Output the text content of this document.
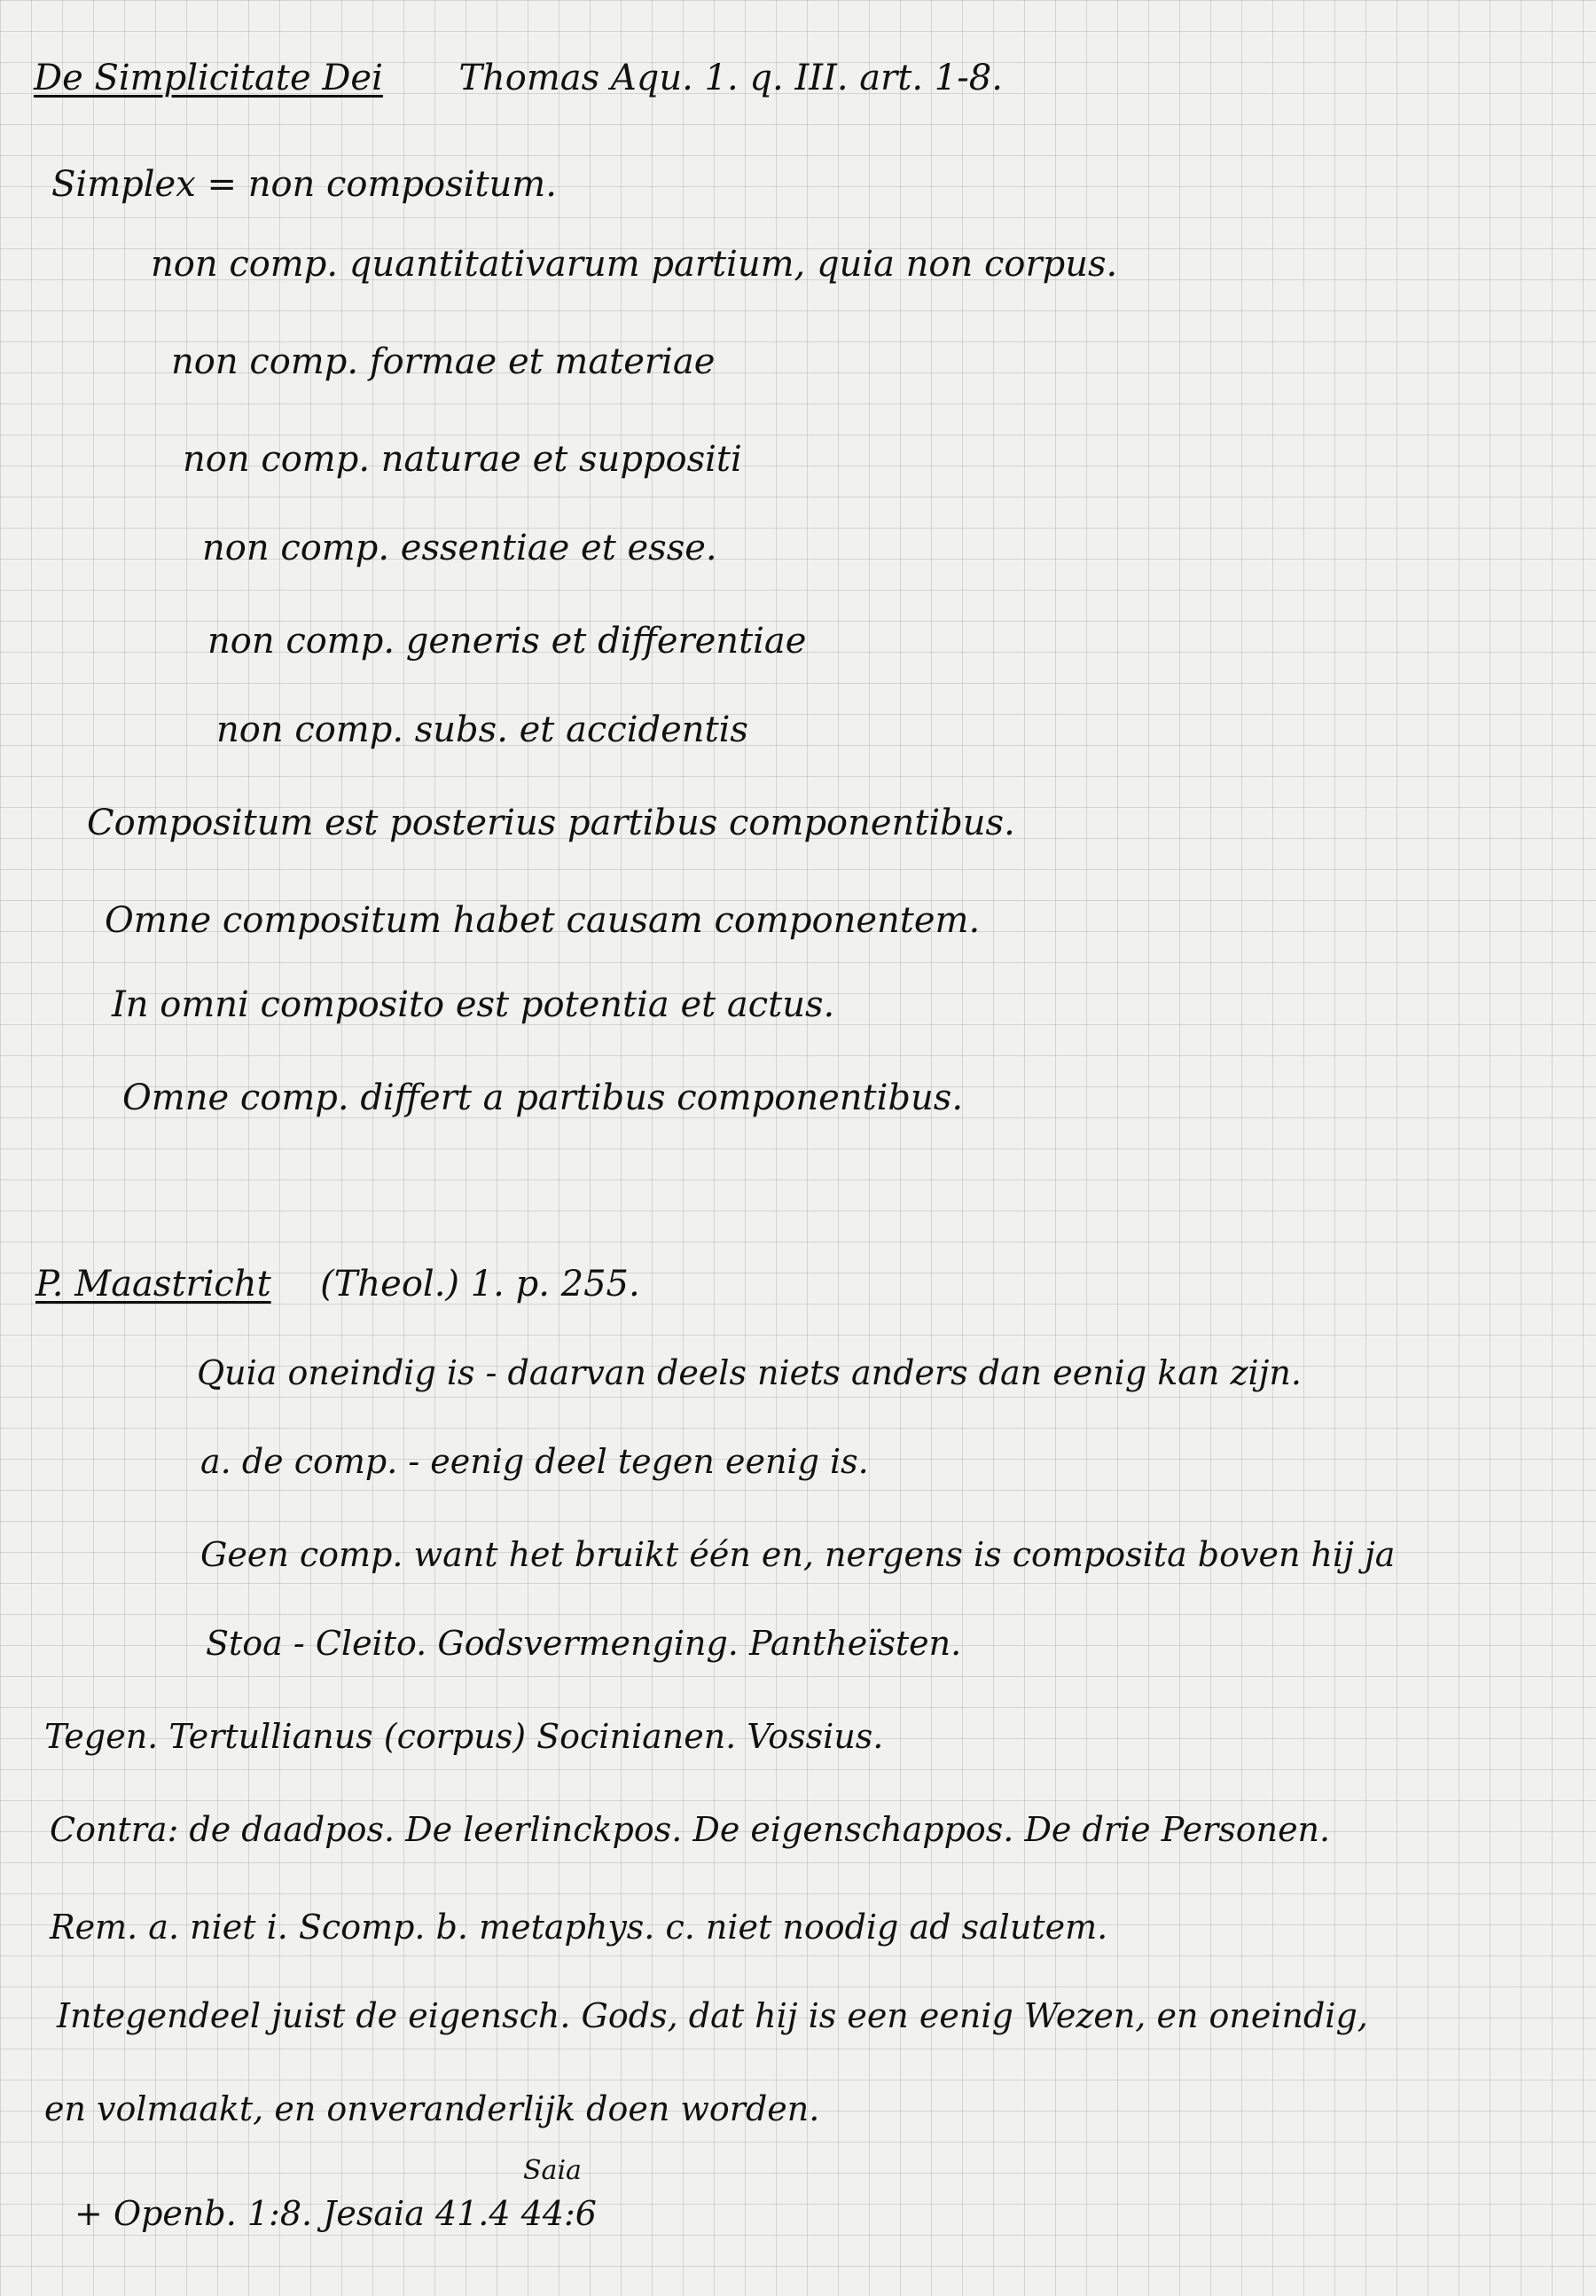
De Simplicitate Dei Thomas Aqu. 1. q. III. art. 1-8.
Simplex = non compositum.
non comp. quantitativarum partium, quia non corpus.
non comp. formae et materiae
non comp. naturae et suppositi
non comp. essentiae et esse.
non comp. generis et differentiae
non comp. subs. et accidentis
Compositum est posterius partibus componentibus.
Omne compositum habet causam componentem.
In omni composito est potentia et actus.
Omne comp. differt a partibus componentibus.
P. Maastricht (Theol.) 1. p. 255.
Quia oneindig is - daarvan deels niets anders dan eenig kan zijn.
a. de comp. - eenig deel tegen eenig is.
Geen comp. want het bruikt één en, nergens is composita boven hij ja
Stoa - Cleito. Godsvermenging. Pantheïsten.
Tegen. Tertullianus (corpus) Socinianen. Vossius.
Contra: de daadpos. De leerlinckpos. De eigenschappos. De drie Personen.
Rem. a. niet i. Scomp. b. metaphys. c. niet noodig ad salutem.
Integendeel juist de eigensch. Gods, dat hij is een eenig Wezen, en oneindig,
en volmaakt, en onveranderlijk doen worden.
Saia
+ Openb. 1:8. Jesaia 41.4 44:6
